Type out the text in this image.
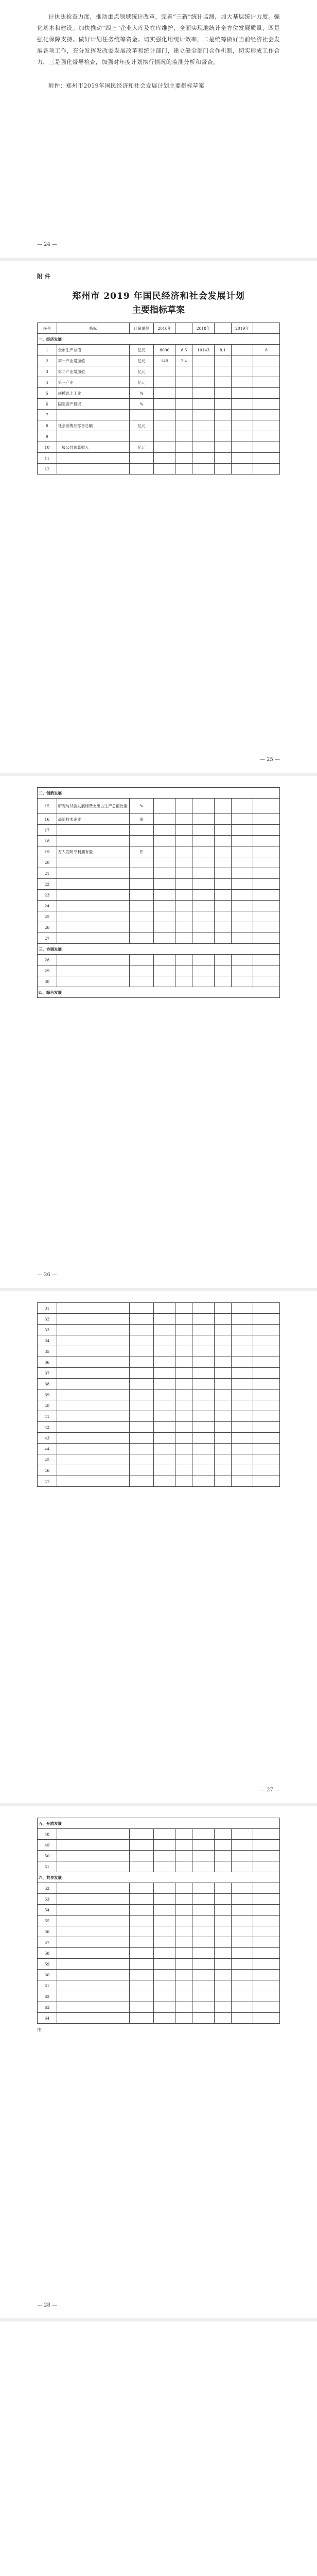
计执法检查力度，推动重点领域统计改革，完善“三新”统计监测，加大基层统计力度。强化基本和建设。加快推动“四上”企业入库及在库维护，全面实现地统计全方位发展质量，四是强化保障支持。做好计划任务统筹资金。切实强化用统计效率，二是统筹做好当前经济社会发展各项工作，充分发挥发改委发展改革和统计部门，建立健全部门合作机制，切实形成工作合力，三是强化督导检查，加强对年度计划执行情况的监测分析和督查。

附件：郑州市2019年国民经济和社会发展计划主要指标草案

— 24 —
附 件
郑州市 2019 年国民经济和社会发展计划
主要指标草案
序号	指标	计量单位	2016年		2018年		2019年	
一、经济发展								
1	全市生产总值	亿元	8000	8.5	10143	8.1		8
2	第一产业增加值	亿元	149	2.4				
3	第二产业增加值	亿元						
4	第三产业	亿元						
5	规模以上工业	%						
6	固定资产投资	%						
7								
8	社会消费品零售总额	亿元						
9								
10	一般公共预算收入	亿元						
11								
12								
— 25 —
二、创新发展								
15	研究与试验发展经费支出占生产总值比重	%						
16	高新技术企业	家						
17								
18								
19	万人发明专利拥有量	件						
20								
21								
22								
23								
24								
25								
26								
27								
三、协调发展								
28								
29								
30								
四、绿色发展								
— 26 —
31								
32								
33								
34								
35								
36								
37								
38								
39								
40								
41								
42								
43								
44								
45								
46								
47								
— 27 —
五、开放发展								
48								
49								
50								
51								
六、共享发展								
52								
53								
54								
55								
56								
57								
58								
59								
60								
61								
62								
63								
64								
注：
— 28 —
